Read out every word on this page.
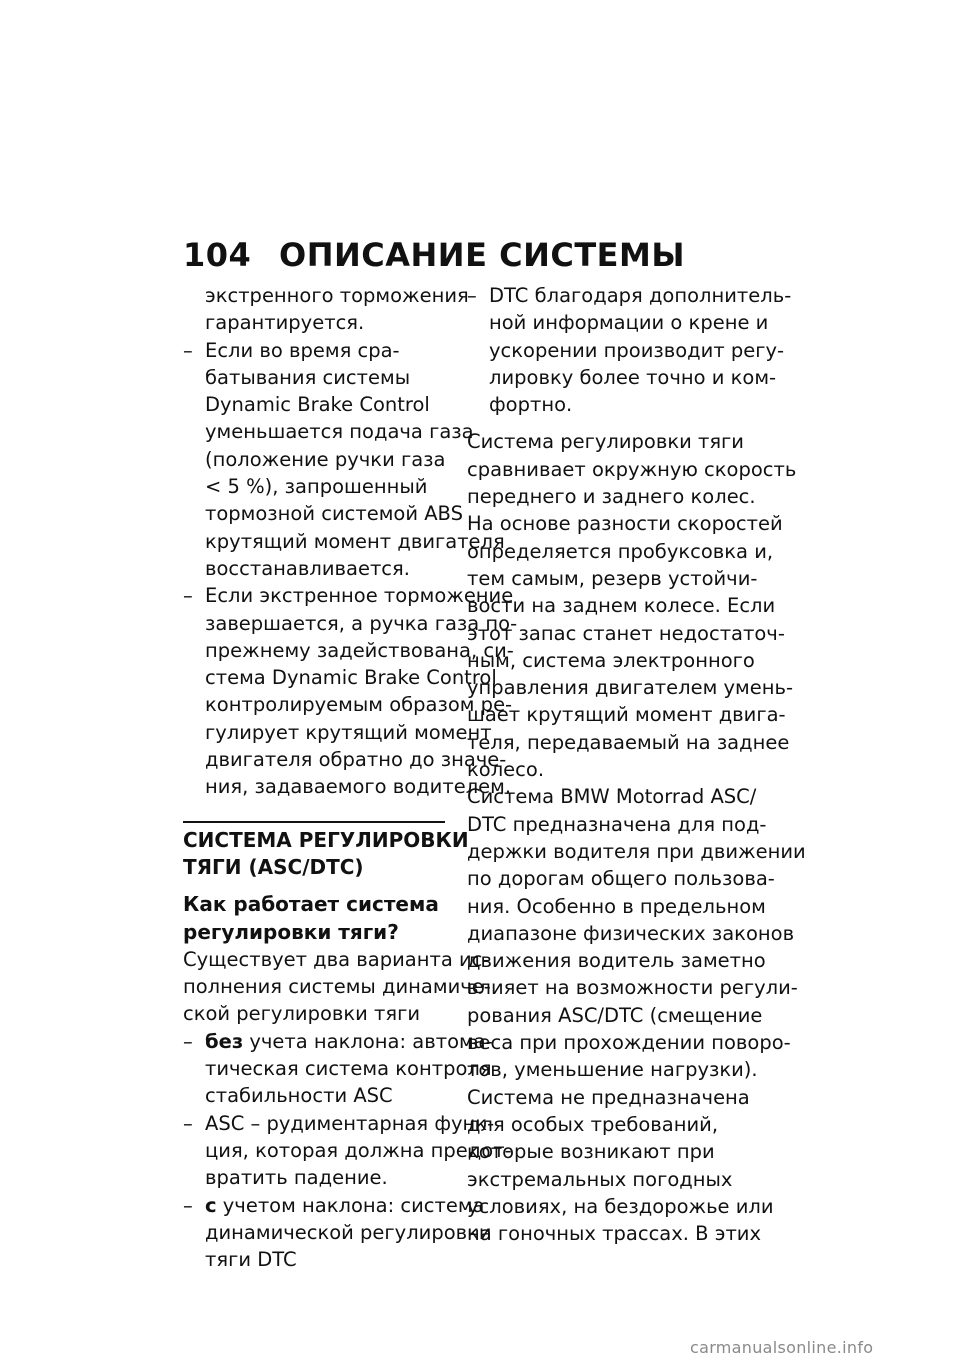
104 ОПИСАНИЕ СИСТЕМЫ
экстренного торможения
гарантируется.
– Если во время сра-
батывания системы
Dynamic Brake Control
уменьшается подача газа
(положение ручки газа
< 5 %), запрошенный
тормозной системой ABS
крутящий момент двигателя
восстанавливается.
– Если экстренное торможение
завершается, а ручка газа по-
прежнему задействована, си-
стема Dynamic Brake Control
контролируемым образом ре-
гулирует крутящий момент
двигателя обратно до значе-
ния, задаваемого водителем.
СИСТЕМА РЕГУЛИРОВКИ
ТЯГИ (ASC/DTC)
Как работает система
регулировки тяги?
Существует два варианта ис-
полнения системы динамиче-
ской регулировки тяги
– без учета наклона: автома-
тическая система контроля
стабильности ASC
– ASC – рудиментарная функ-
ция, которая должна предот-
вратить падение.
– с учетом наклона: система
динамической регулировки
тяги DTC
– DTC благодаря дополнитель-
ной информации о крене и
ускорении производит регу-
лировку более точно и ком-
фортно.
Система регулировки тяги
сравнивает окружную скорость
переднего и заднего колес.
На основе разности скоростей
определяется пробуксовка и,
тем самым, резерв устойчи-
вости на заднем колесе. Если
этот запас станет недостаточ-
ным, система электронного
управления двигателем умень-
шает крутящий момент двига-
теля, передаваемый на заднее
колесо.
Система BMW Motorrad ASC/
DTC предназначена для под-
держки водителя при движении
по дорогам общего пользова-
ния. Особенно в предельном
диапазоне физических законов
движения водитель заметно
влияет на возможности регули-
рования ASC/DTC (смещение
веса при прохождении поворо-
тов, уменьшение нагрузки).
Система не предназначена
для особых требований,
которые возникают при
экстремальных погодных
условиях, на бездорожье или
на гоночных трассах. В этих
carmanualsonline.info
